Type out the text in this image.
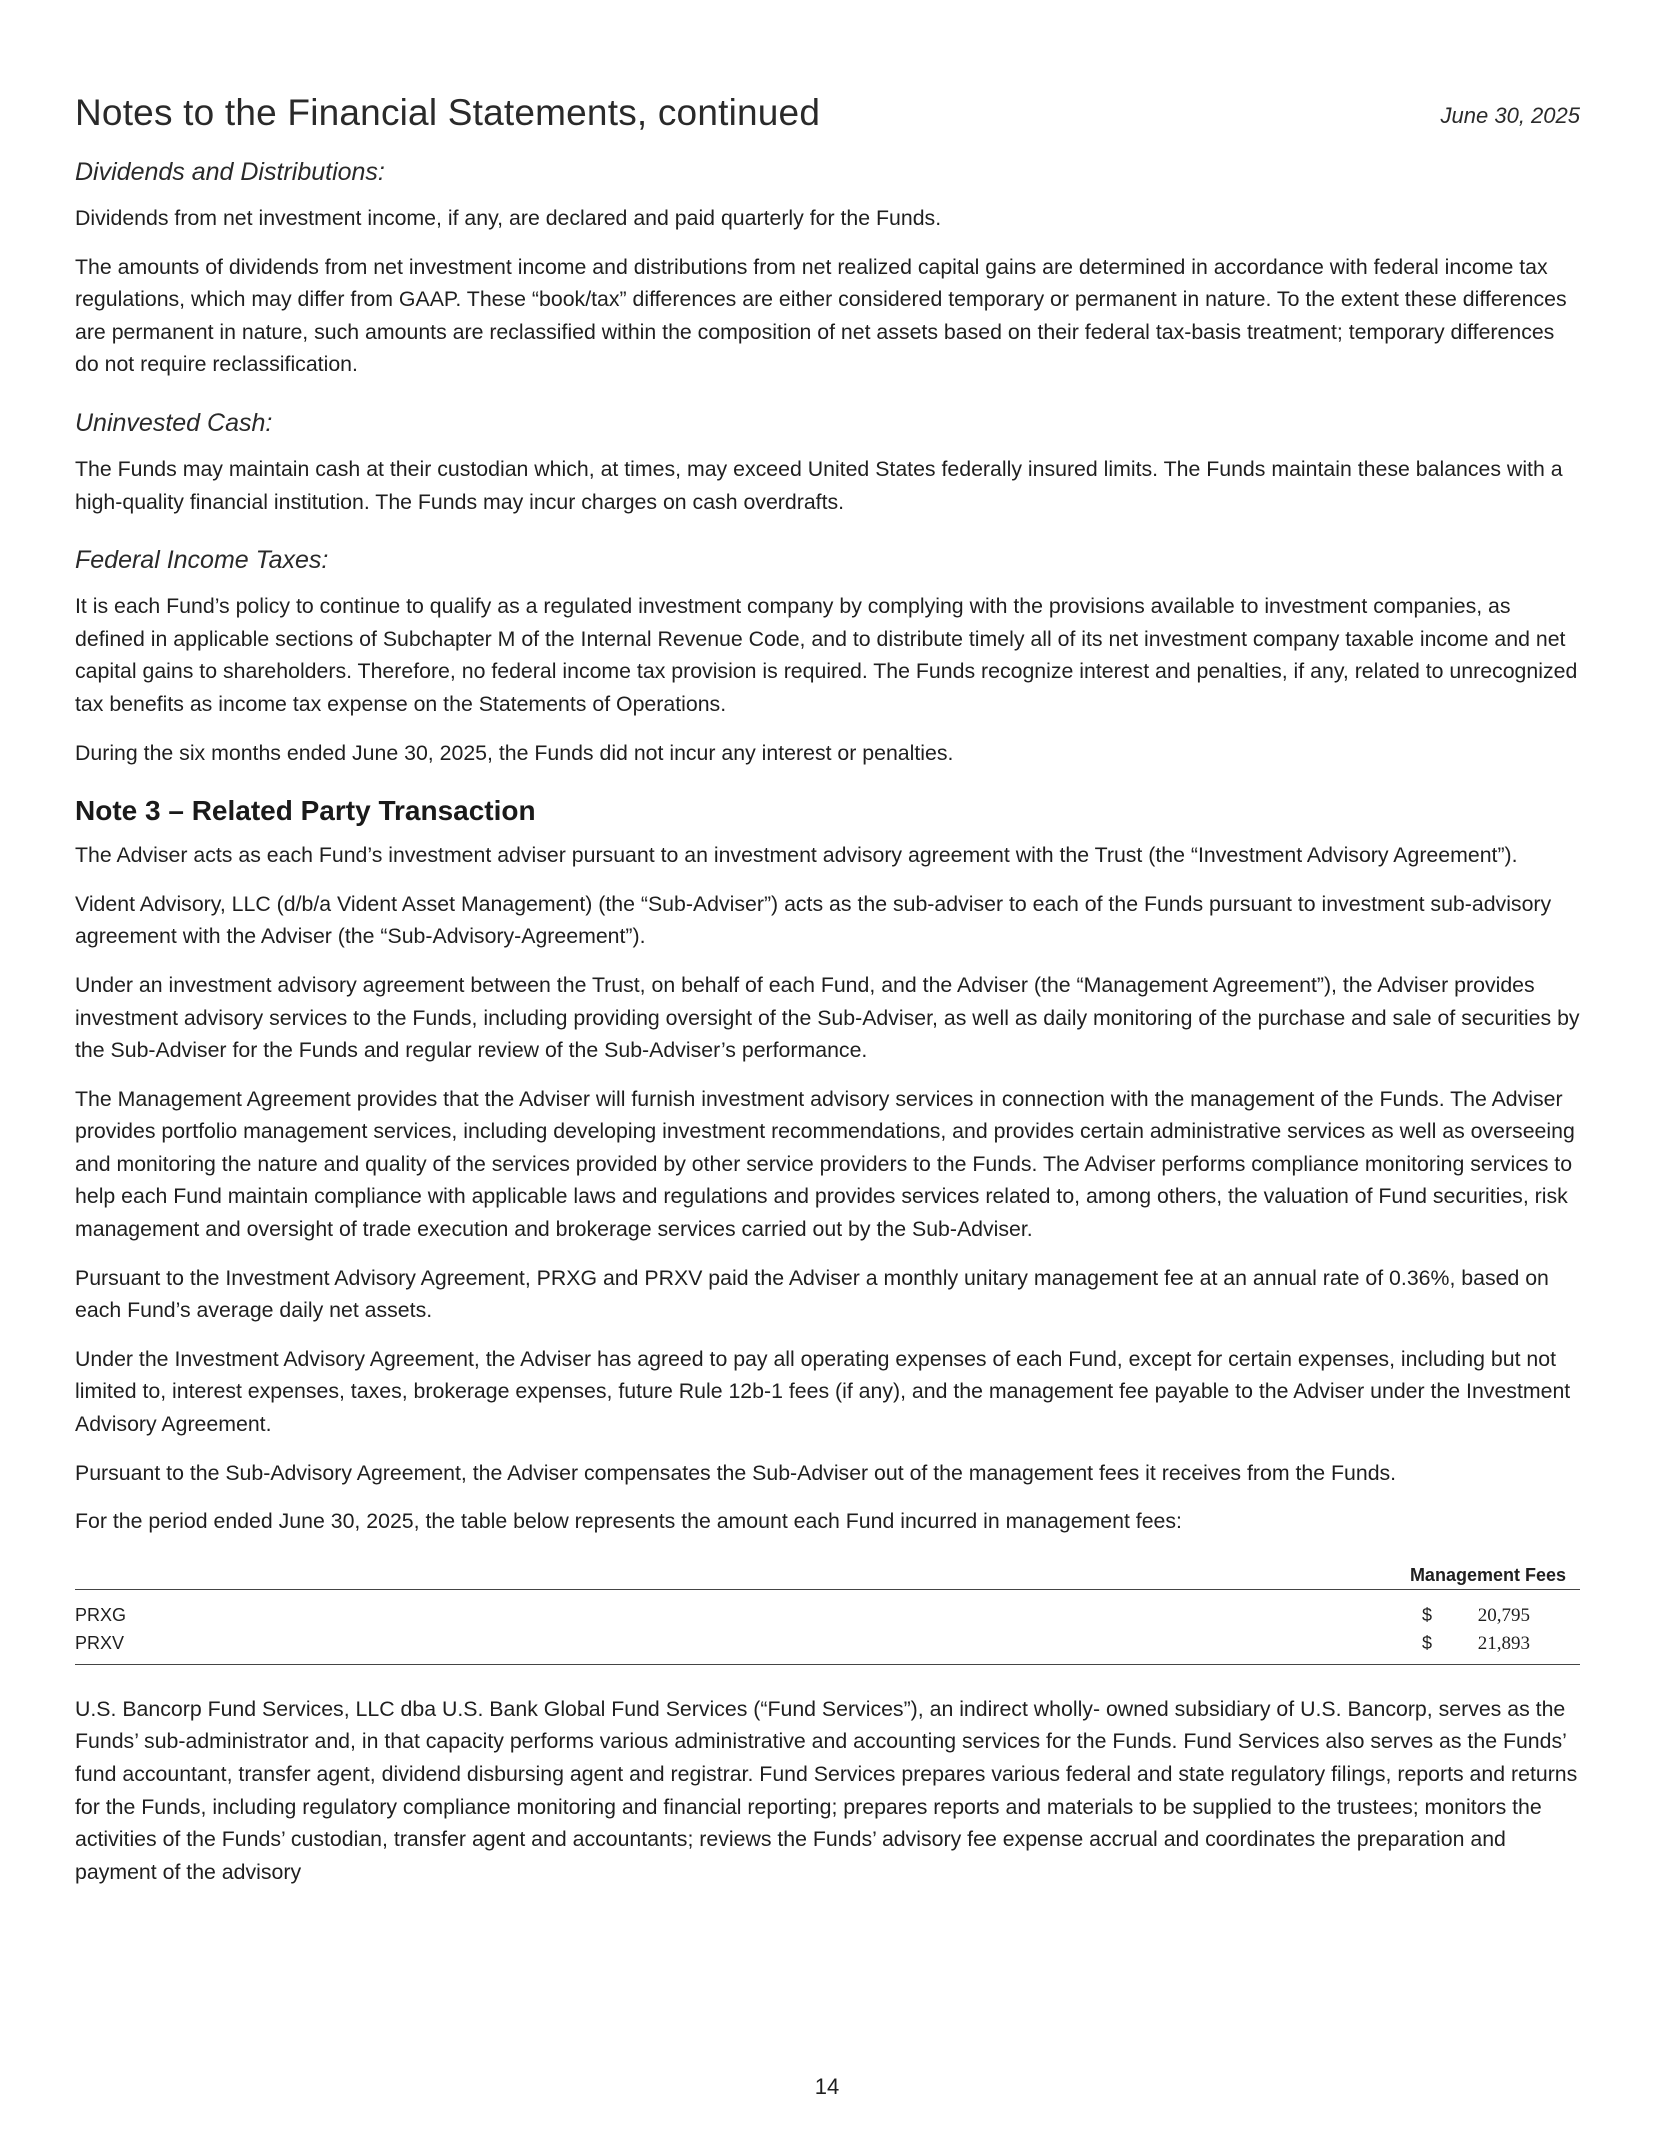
Notes to the Financial Statements, continued	June 30, 2025
Dividends and Distributions:

Dividends from net investment income, if any, are declared and paid quarterly for the Funds.

The amounts of dividends from net investment income and distributions from net realized capital gains are determined in accordance with federal income tax regulations, which may differ from GAAP. These “book/tax” differences are either considered temporary or permanent in nature. To the extent these differences are permanent in nature, such amounts are reclassified within the composition of net assets based on their federal tax-basis treatment; temporary differences do not require reclassification.

Uninvested Cash:

The Funds may maintain cash at their custodian which, at times, may exceed United States federally insured limits. The Funds maintain these balances with a high-quality financial institution. The Funds may incur charges on cash overdrafts.

Federal Income Taxes:

It is each Fund’s policy to continue to qualify as a regulated investment company by complying with the provisions available to investment companies, as defined in applicable sections of Subchapter M of the Internal Revenue Code, and to distribute timely all of its net investment company taxable income and net capital gains to shareholders. Therefore, no federal income tax provision is required. The Funds recognize interest and penalties, if any, related to unrecognized tax benefits as income tax expense on the Statements of Operations.

During the six months ended June 30, 2025, the Funds did not incur any interest or penalties.

Note 3 – Related Party Transaction

The Adviser acts as each Fund’s investment adviser pursuant to an investment advisory agreement with the Trust (the “Investment Advisory Agreement”).

Vident Advisory, LLC (d/b/a Vident Asset Management) (the “Sub-Adviser”) acts as the sub-adviser to each of the Funds pursuant to investment sub-advisory agreement with the Adviser (the “Sub-Advisory-Agreement”).

Under an investment advisory agreement between the Trust, on behalf of each Fund, and the Adviser (the “Management Agreement”), the Adviser provides investment advisory services to the Funds, including providing oversight of the Sub-Adviser, as well as daily monitoring of the purchase and sale of securities by the Sub-Adviser for the Funds and regular review of the Sub-Adviser’s performance.

The Management Agreement provides that the Adviser will furnish investment advisory services in connection with the management of the Funds. The Adviser provides portfolio management services, including developing investment recommendations, and provides certain administrative services as well as overseeing and monitoring the nature and quality of the services provided by other service providers to the Funds. The Adviser performs compliance monitoring services to help each Fund maintain compliance with applicable laws and regulations and provides services related to, among others, the valuation of Fund securities, risk management and oversight of trade execution and brokerage services carried out by the Sub-Adviser.

Pursuant to the Investment Advisory Agreement, PRXG and PRXV paid the Adviser a monthly unitary management fee at an annual rate of 0.36%, based on each Fund’s average daily net assets.

Under the Investment Advisory Agreement, the Adviser has agreed to pay all operating expenses of each Fund, except for certain expenses, including but not limited to, interest expenses, taxes, brokerage expenses, future Rule 12b-1 fees (if any), and the management fee payable to the Adviser under the Investment Advisory Agreement.

Pursuant to the Sub-Advisory Agreement, the Adviser compensates the Sub-Adviser out of the management fees it receives from the Funds.

For the period ended June 30, 2025, the table below represents the amount each Fund incurred in management fees:

Management Fees
PRXG	$	20,795
PRXV	$	21,893

U.S. Bancorp Fund Services, LLC dba U.S. Bank Global Fund Services (“Fund Services”), an indirect wholly- owned subsidiary of U.S. Bancorp, serves as the Funds’ sub-administrator and, in that capacity performs various administrative and accounting services for the Funds. Fund Services also serves as the Funds’ fund accountant, transfer agent, dividend disbursing agent and registrar. Fund Services prepares various federal and state regulatory filings, reports and returns for the Funds, including regulatory compliance monitoring and financial reporting; prepares reports and materials to be supplied to the trustees; monitors the activities of the Funds’ custodian, transfer agent and accountants; reviews the Funds’ advisory fee expense accrual and coordinates the preparation and payment of the advisory

14
